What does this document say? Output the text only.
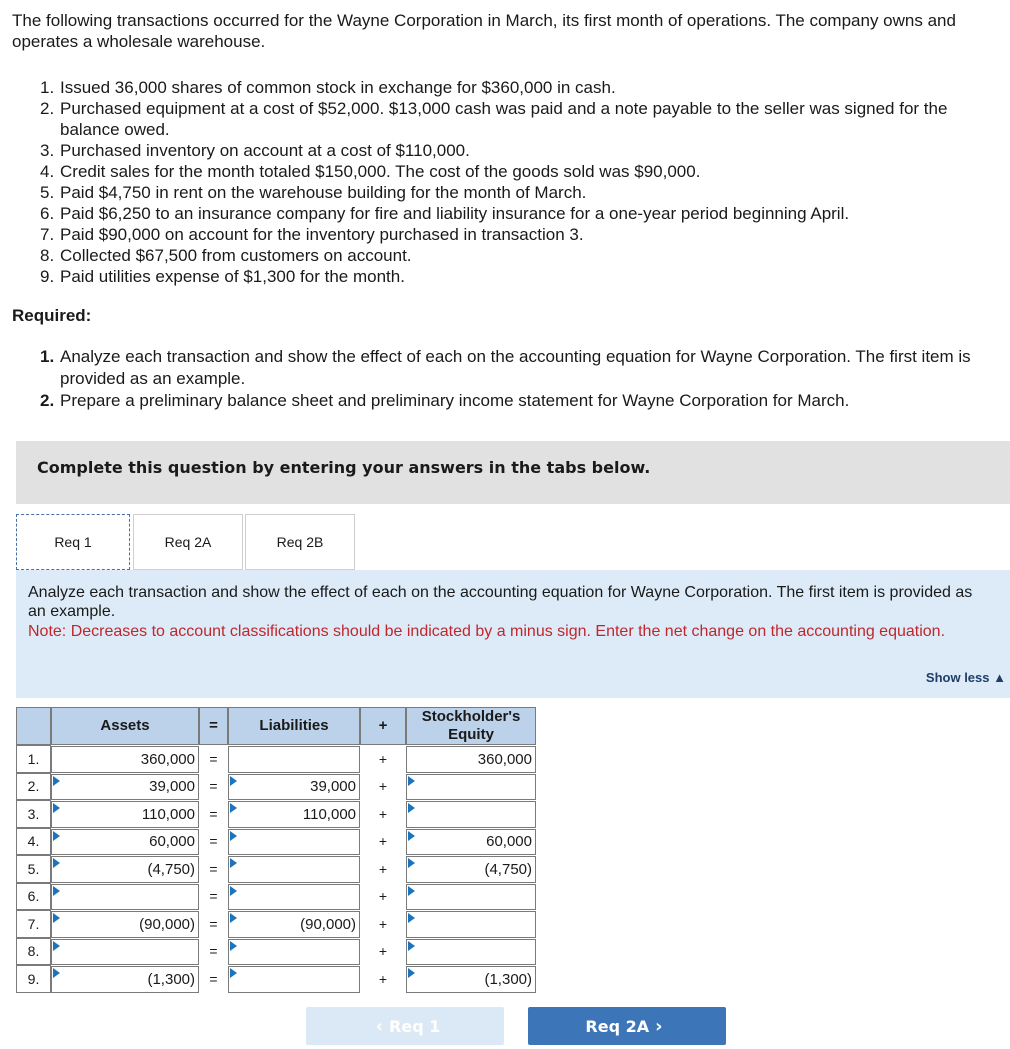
The following transactions occurred for the Wayne Corporation in March, its first month of operations. The company owns and operates a wholesale warehouse.
1. Issued 36,000 shares of common stock in exchange for $360,000 in cash.
2. Purchased equipment at a cost of $52,000. $13,000 cash was paid and a note payable to the seller was signed for the balance owed.
3. Purchased inventory on account at a cost of $110,000.
4. Credit sales for the month totaled $150,000. The cost of the goods sold was $90,000.
5. Paid $4,750 in rent on the warehouse building for the month of March.
6. Paid $6,250 to an insurance company for fire and liability insurance for a one-year period beginning April.
7. Paid $90,000 on account for the inventory purchased in transaction 3.
8. Collected $67,500 from customers on account.
9. Paid utilities expense of $1,300 for the month.
Required:
1. Analyze each transaction and show the effect of each on the accounting equation for Wayne Corporation. The first item is provided as an example.
2. Prepare a preliminary balance sheet and preliminary income statement for Wayne Corporation for March.
Complete this question by entering your answers in the tabs below.
Req 1	Req 2A	Req 2B
Analyze each transaction and show the effect of each on the accounting equation for Wayne Corporation. The first item is provided as an example.
Note: Decreases to account classifications should be indicated by a minus sign. Enter the net change on the accounting equation.
Show less ▲
Assets	=	Liabilities	+
Stockholder's Equity
1.	360,000	=	+	360,000
2.	39,000	=	39,000	+
3.	110,000	=	110,000	+
4.	60,000	=	+	60,000
5.	(4,750)	=	+	(4,750)
6.	=	+
7.	(90,000)	=	(90,000)	+
8.	=	+
9.	(1,300)	=	+	(1,300)
‹ Req 1	Req 2A ›
